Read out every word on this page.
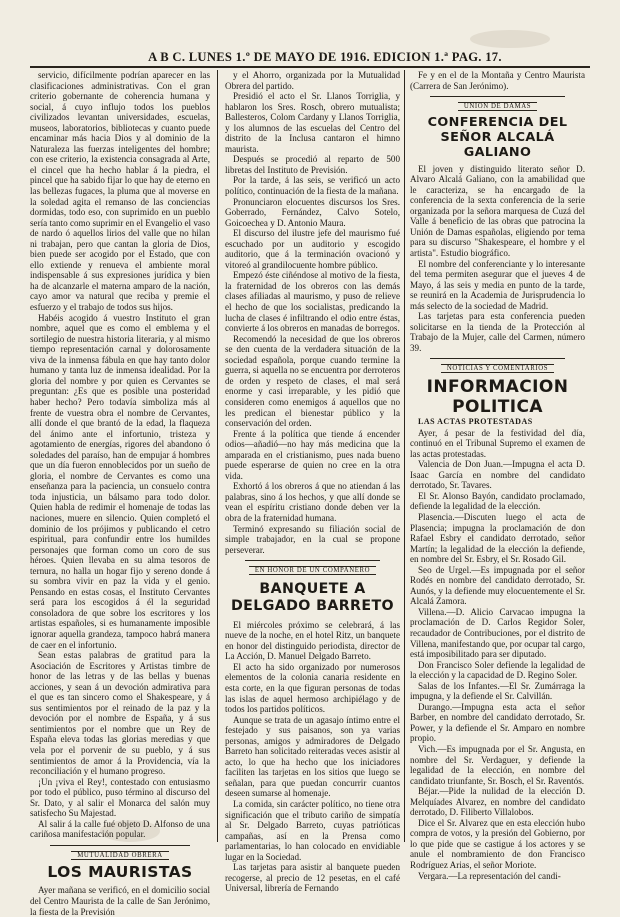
A B C. LUNES 1.º DE MAYO DE 1916. EDICION 1.ª PAG. 17.

servicio, difícilmente podrían aparecer en las clasificaciones administrativas. Con el gran criterio gobernante de coherencia humana y social, á cuyo influjo todos los pueblos civilizados levantan universidades, escuelas, museos, laboratorios, bibliotecas y cuanto puede encaminar más hacia Dios y al dominio de la Naturaleza las fuerzas inteligentes del hombre; con ese criterio, la existencia consagrada al Arte, el cincel que ha hecho hablar á la piedra, el pincel que ha sabido fijar lo que hay de eterno en las bellezas fugaces, la pluma que al moverse en la soledad agita el remanso de las conciencias dormidas, todo eso, con suprimido en un pueblo sería tanto como suprimir en el Evangelio el vaso de nardo ó aquellos lirios del valle que no hilan ni trabajan, pero que cantan la gloria de Dios, bien puede ser acogido por el Estado, que con ello extiende y renueva el ambiente moral indispensable á sus expresiones jurídica y bien ha de alcanzarle el materna amparo de la nación, cayo amor va natural que reciba y premie el esfuerzo y el trabajo de todos sus hijos.

Habéis acogido á vuestro Instituto el gran nombre, aquel que es como el emblema y el sortilegio de nuestra historia literaria, y al mismo tiempo representación carnal y dolorosamente viva de la inmensa fábula en que hay tanto dolor humano y tanta luz de inmensa idealidad. Por la gloria del nombre y por quien es Cervantes se preguntan: ¿Es que es posible una posteridad haber hecho? Pero todavía simboliza más al frente de vuestra obra el nombre de Cervantes, allí donde el que brantó de la edad, la flaqueza del ánimo ante el infortunio, tristeza y agotamiento de energías, rigores del abandono ó soledades del paraíso, han de empujar á hombres que un día fueron ennoblecidos por un sueño de gloria, el nombre de Cervantes es como una enseñanza para la paciencia, un consuelo contra toda injusticia, un bálsamo para todo dolor. Quien habla de redimir el homenaje de todas las naciones, muere en silencio. Quien completó el dominio de los prójimos y publicando el cetro espiritual, para confundir entre los humildes personajes que forman como un coro de sus héroes. Quien llevaba en su alma tesoros de ternura, no halla un hogar fijo y sereno donde á su sombra vivir en paz la vida y el genio. Pensando en estas cosas, el Instituto Cervantes será para los escogidos á él la seguridad consoladora de que sobre los escritores y los artistas españoles, si es humanamente imposible ignorar aquella grandeza, tampoco habrá manera de caer en el infortunio.

Sean estas palabras de gratitud para la Asociación de Escritores y Artistas timbre de honor de las letras y de las bellas y buenas acciones, y sean á un devoción admirativa para el que es tan sincero como el Shakespeare, y á sus sentimientos por el reinado de la paz y la devoción por el nombre de España, y á sus sentimientos por el nombre que un Rey de España eleva todas las glorias meredias y que vela por el porvenir de su pueblo, y á sus sentimientos de amor á la Providencia, vía la reconciliación y el humano progreso.

¡Un ¡viva el Rey!, contestado con entusiasmo por todo el público, puso término al discurso del Sr. Dato, y al salir el Monarca del salón muy satisfecho Su Majestad.

Al salir á la calle fué objeto D. Alfonso de una cariñosa manifestación popular.

MUTUALIDAD OBRERA

LOS MAURISTAS

Ayer mañana se verificó, en el domicilio social del Centro Maurista de la calle de San Jerónimo, la fiesta de la Previsión

y el Ahorro, organizada por la Mutualidad Obrera del partido.

Presidió el acto el Sr. Llanos Torriglia, y hablaron los Sres. Rosch, obrero mutualista; Ballesteros, Colom Cardany y Llanos Torriglia, y los alumnos de las escuelas del Centro del distrito de la Inclusa cantaron el himno maurista.

Después se procedió al reparto de 500 libretas del Instituto de Previsión.

Por la tarde, á las seis, se verificó un acto político, continuación de la fiesta de la mañana.

Pronunciaron elocuentes discursos los Sres. Goberrado, Fernández, Calvo Sotelo, Goicoechea y D. Antonio Maura.

El discurso del ilustre jefe del maurismo fué escuchado por un auditorio y escogido auditorio, que á la terminación ovacionó y vitoreó al grandilocuente hombre público.

Empezó éste ciñéndose al motivo de la fiesta, la fraternidad de los obreros con las demás clases afiliadas al maurismo, y puso de relieve el hecho de que los socialistas, predicando la lucha de clases é infiltrando el odio entre éstas, convierte á los obreros en manadas de borregos.

Recomendó la necesidad de que los obreros se den cuenta de la verdadera situación de la sociedad española, porque cuando termine la guerra, si aquella no se encuentra por derroteros de orden y respeto de clases, el mal será enorme y casi irreparable, y les pidió que consideren como enemigos á aquellos que no les predican el bienestar público y la conservación del orden.

Frente á la política que tiende á encender odios—añadió—no hay más medicina que la amparada en el cristianismo, pues nada bueno puede esperarse de quien no cree en la otra vida.

Exhortó á los obreros á que no atiendan á las palabras, sino á los hechos, y que allí donde se vean el espíritu cristiano donde deben ver la obra de la fraternidad humana.

Terminó expresando su filiación social de simple trabajador, en la cual se propone perseverar.

EN HONOR DE UN COMPAÑERO

BANQUETE A DELGADO BARRETO

El miércoles próximo se celebrará, á las nueve de la noche, en el hotel Ritz, un banquete en honor del distinguido periodista, director de La Acción, D. Manuel Delgado Barreto.

El acto ha sido organizado por numerosos elementos de la colonia canaria residente en esta corte, en la que figuran personas de todas las islas de aquel hermoso archipiélago y de todos los partidos políticos.

Aunque se trata de un agasajo íntimo entre el festejado y sus paisanos, son ya varias personas, amigos y admiradores de Delgado Barreto han solicitado reiteradas veces asistir al acto, lo que ha hecho que los iniciadores faciliten las tarjetas en los sitios que luego se señalan, para que puedan concurrir cuantos deseen sumarse al homenaje.

La comida, sin carácter político, no tiene otra significación que el tributo cariño de simpatía al Sr. Delgado Barreto, cuyas patrióticas campañas, así en la Prensa como parlamentarias, lo han colocado en envidiable lugar en la Sociedad.

Las tarjetas para asistir al banquete pueden recogerse, al precio de 12 pesetas, en el café Universal, librería de Fernando

Fe y en el de la Montaña y Centro Maurista (Carrera de San Jerónimo).

UNION DE DAMAS

CONFERENCIA DEL SEÑOR ALCALÁ GALIANO

El joven y distinguido literato señor D. Alvaro Alcalá Galiano, con la amabilidad que le caracteriza, se ha encargado de la conferencia de la sexta conferencia de la serie organizada por la señora marquesa de Cuzá del Valle á beneficio de las obras que patrocina la Unión de Damas españolas, eligiendo por tema para su discurso "Shakespeare, el hombre y el artista". Estudio biográfico.

El nombre del conferenciante y lo interesante del tema permiten asegurar que el jueves 4 de Mayo, á las seis y media en punto de la tarde, se reunirá en la Academia de Jurisprudencia lo más selecto de la sociedad de Madrid.

Las tarjetas para esta conferencia pueden solicitarse en la tienda de la Protección al Trabajo de la Mujer, calle del Carmen, número 39.

NOTICIAS Y COMENTARIOS

INFORMACION POLITICA

LAS ACTAS PROTESTADAS

Ayer, á pesar de la festividad del día, continuó en el Tribunal Supremo el examen de las actas protestadas.

Valencia de Don Juan.—Impugna el acta D. Isaac García en nombre del candidato derrotado, Sr. Tavares.

El Sr. Alonso Bayón, candidato proclamado, defiende la legalidad de la elección.

Plasencia.—Discuten luego el acta de Plasencia; impugna la proclamación de don Rafael Esbry el candidato derrotado, señor Martín; la legalidad de la elección la defiende, en nombre del Sr. Esbry, el Sr. Rosado Gil.

Seo de Urgel.—Es impugnada por el señor Rodés en nombre del candidato derrotado, Sr. Aunós, y la defiende muy elocuentemente el Sr. Alcalá Zamora.

Villena.—D. Alicio Carvacao impugna la proclamación de D. Carlos Regidor Soler, recaudador de Contribuciones, por el distrito de Villena, manifestando que, por ocupar tal cargo, está imposibilitado para ser diputado.

Don Francisco Soler defiende la legalidad de la elección y la capacidad de D. Regino Soler.

Salas de los Infantes.—El Sr. Zumárraga la impugna, y la defiende el Sr. Calvillán.

Durango.—Impugna esta acta el señor Barber, en nombre del candidato derrotado, Sr. Power, y la defiende el Sr. Amparo en nombre propio.

Vich.—Es impugnada por el Sr. Angusta, en nombre del Sr. Verdaguer, y defiende la legalidad de la elección, en nombre del candidato triunfante, Sr. Bosch, el Sr. Raventós.

Béjar.—Pide la nulidad de la elección D. Melquíades Alvarez, en nombre del candidato derrotado, D. Filiberto Villalobos.

Dice el Sr. Alvarez que en esta elección hubo compra de votos, y la presión del Gobierno, por lo que pide que se castigue á los actores y se anule el nombramiento de don Francisco Rodríguez Arias, el señor Moriote.

Vergara.—La representación del candi-
